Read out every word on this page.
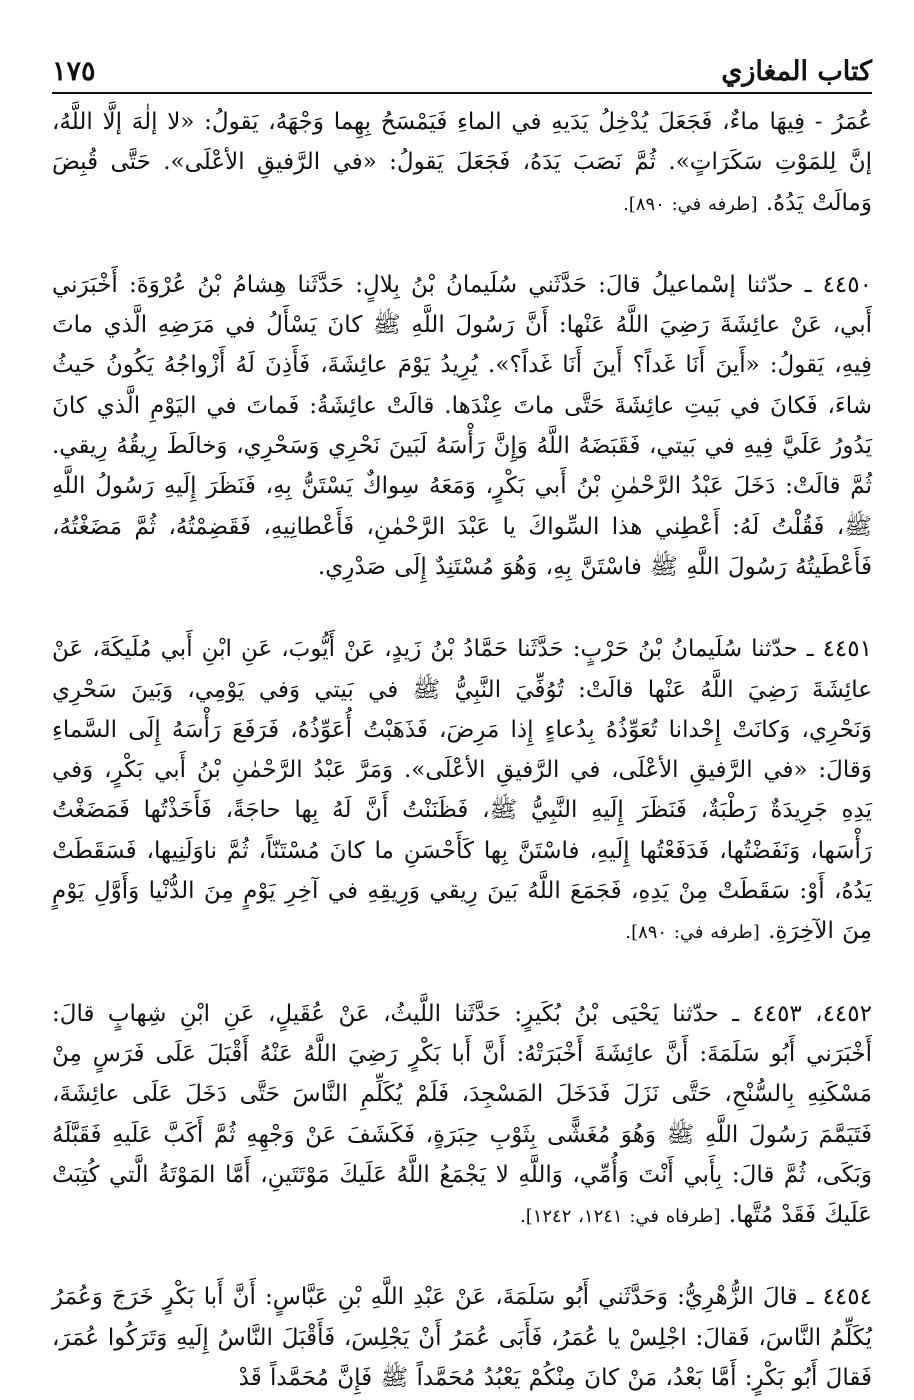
كتاب المغازي
١٧٥

عُمَرُ - فِيهَا ماءٌ، فَجَعَلَ يُدْخِلُ يَدَيهِ في الماءِ فَيَمْسَحُ بِهِما وَجْهَهُ، يَقولُ: «لا إلٰهَ إلَّا اللَّهُ، إنَّ لِلمَوْتِ سَكَرَاتٍ». ثُمَّ نَصَبَ يَدَهُ، فَجَعَلَ يَقولُ: «في الرَّفيقِ الأعْلَى». حَتَّى قُبِضَ وَمالَتْ يَدُهُ. [طرفه في: ٨٩٠].

٤٤٥٠ ـ حدّثنا إسْماعيلُ قالَ: حَدَّثَني سُلَيمانُ بْنُ بِلالٍ: حَدَّثَنا هِشامُ بْنُ عُرْوَةَ: أَخْبَرَني أَبي، عَنْ عائِشَةَ رَضِيَ اللَّهُ عَنْها: أَنَّ رَسُولَ اللَّهِ ﷺ كانَ يَسْأَلُ في مَرَضِهِ الَّذي ماتَ فِيهِ، يَقولُ: «أَينَ أَنَا غَداً؟ أَينَ أَنَا غَداً؟». يُرِيدُ يَوْمَ عائِشَةَ، فَأَذِنَ لَهُ أَزْواجُهُ يَكُونُ حَيثُ شاءَ، فَكانَ في بَيتِ عائِشَةَ حَتَّى ماتَ عِنْدَها. قالَتْ عائِشَةُ: فَماتَ في اليَوْمِ الَّذي كانَ يَدُورُ عَلَيَّ فِيهِ في بَيتي، فَقَبَضَهُ اللَّهُ وَإِنَّ رَأْسَهُ لَبَينَ نَحْرِي وَسَحْرِي، وَخالَطَ رِيقُهُ رِيقي. ثُمَّ قالَتْ: دَخَلَ عَبْدُ الرَّحْمٰنِ بْنُ أَبي بَكْرٍ، وَمَعَهُ سِواكٌ يَسْتَنُّ بِهِ، فَنَظَرَ إِلَيهِ رَسُولُ اللَّهِ ﷺ، فَقُلْتُ لَهُ: أَعْطِني هذا السِّواكَ يا عَبْدَ الرَّحْمٰنِ، فَأَعْطانِيهِ، فَقَضِمْتُهُ، ثُمَّ مَضَغْتُهُ، فَأَعْطَيتُهُ رَسُولَ اللَّهِ ﷺ فاسْتَنَّ بِهِ، وَهُوَ مُسْتَنِدٌ إِلَى صَدْرِي.

٤٤٥١ ـ حدّثنا سُلَيمانُ بْنُ حَرْبٍ: حَدَّثَنا حَمَّادُ بْنُ زَيدٍ، عَنْ أَيُّوبَ، عَنِ ابْنِ أَبي مُلَيكَةَ، عَنْ عائِشَةَ رَضِيَ اللَّهُ عَنْها قالَتْ: تُوُفِّيَ النَّبِيُّ ﷺ في بَيتي وَفي يَوْمِي، وَبَينَ سَحْرِي وَنَحْرِي، وَكانَتْ إِحْدانا تُعَوِّذُهُ بِدُعاءٍ إِذا مَرِضَ، فَذَهَبْتُ أُعَوِّذُهُ، فَرَفَعَ رَأْسَهُ إِلَى السَّماءِ وَقالَ: «في الرَّفيقِ الأعْلَى، في الرَّفيقِ الأعْلَى». وَمَرَّ عَبْدُ الرَّحْمٰنِ بْنُ أَبي بَكْرٍ، وَفي يَدِهِ جَرِيدَةٌ رَطْبَةٌ، فَنَظَرَ إِلَيهِ النَّبِيُّ ﷺ، فَظَنَنْتُ أَنَّ لَهُ بِها حاجَةً، فَأَخَذْتُها فَمَضَغْتُ رَأْسَها، وَنَفَضْتُها، فَدَفَعْتُها إِلَيهِ، فاسْتَنَّ بِها كَأَحْسَنِ ما كانَ مُسْتَنّاً، ثُمَّ ناوَلَنِيها، فَسَقَطَتْ يَدُهُ، أَوْ: سَقَطَتْ مِنْ يَدِهِ، فَجَمَعَ اللَّهُ بَينَ رِيقي وَرِيقِهِ في آخِرِ يَوْمٍ مِنَ الدُّنْيا وَأَوَّلِ يَوْمٍ مِنَ الآخِرَةِ. [طرفه في: ٨٩٠].

٤٤٥٢، ٤٤٥٣ ـ حدّثنا يَحْيَى بْنُ بُكَيرٍ: حَدَّثَنا اللَّيثُ، عَنْ عُقَيلٍ، عَنِ ابْنِ شِهابٍ قالَ: أَخْبَرَني أَبُو سَلَمَةَ: أَنَّ عائِشَةَ أَخْبَرَتْهُ: أَنَّ أَبا بَكْرٍ رَضِيَ اللَّهُ عَنْهُ أَقْبَلَ عَلَى فَرَسٍ مِنْ مَسْكَنِهِ بِالسُّنْحِ، حَتَّى نَزَلَ فَدَخَلَ المَسْجِدَ، فَلَمْ يُكَلِّمِ النَّاسَ حَتَّى دَخَلَ عَلَى عائِشَةَ، فَتَيَمَّمَ رَسُولَ اللَّهِ ﷺ وَهُوَ مُغَشًّى بِثَوْبِ حِبَرَةٍ، فَكَشَفَ عَنْ وَجْهِهِ ثُمَّ أَكَبَّ عَلَيهِ فَقَبَّلَهُ وَبَكَى، ثُمَّ قالَ: بِأَبي أَنْتَ وَأُمِّي، وَاللَّهِ لا يَجْمَعُ اللَّهُ عَلَيكَ مَوْتَتَينِ، أَمَّا المَوْتَةُ الَّتي كُتِبَتْ عَلَيكَ فَقَدْ مُتَّها. [طرفاه في: ١٢٤١، ١٢٤٢].

٤٤٥٤ ـ قالَ الزُّهْرِيُّ: وَحَدَّثَني أَبُو سَلَمَةَ، عَنْ عَبْدِ اللَّهِ بْنِ عَبَّاسٍ: أَنَّ أَبا بَكْرٍ خَرَجَ وَعُمَرُ يُكَلِّمُ النَّاسَ، فَقالَ: اجْلِسْ يا عُمَرُ، فَأَبَى عُمَرُ أَنْ يَجْلِسَ، فَأَقْبَلَ النَّاسُ إِلَيهِ وَتَرَكُوا عُمَرَ، فَقالَ أَبُو بَكْرٍ: أَمَّا بَعْدُ، مَنْ كانَ مِنْكُمْ يَعْبُدُ مُحَمَّداً ﷺ فَإِنَّ مُحَمَّداً قَدْ
